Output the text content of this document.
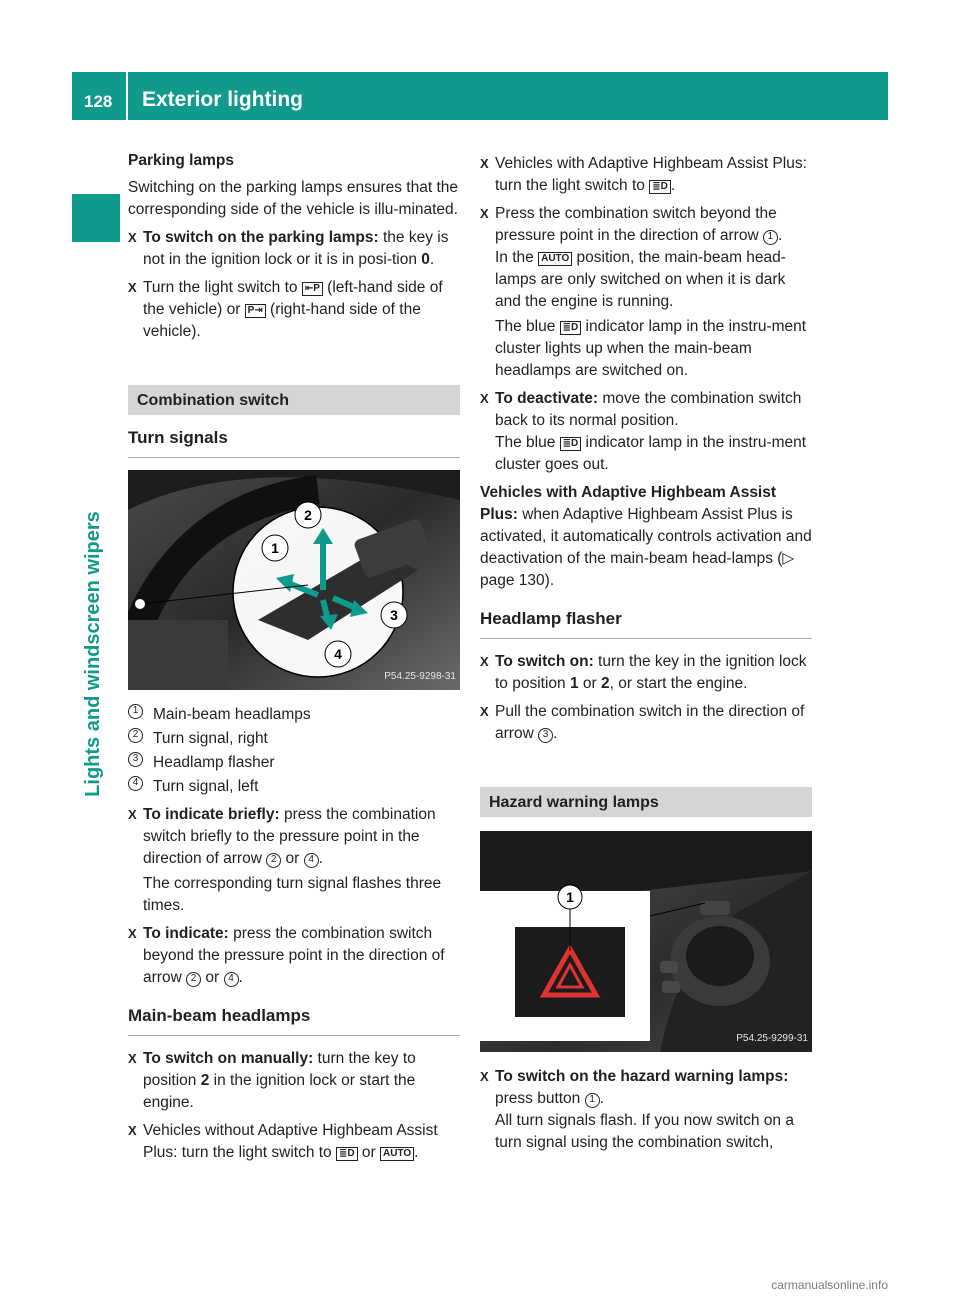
128 Exterior lighting
Lights and windscreen wipers

Parking lamps

Switching on the parking lamps ensures that the corresponding side of the vehicle is illu-minated.

X To switch on the parking lamps: the key is not in the ignition lock or it is in posi-tion 0.
X Turn the light switch to ⇤P (left-hand side of the vehicle) or P⇥ (right-hand side of the vehicle).
Combination switch
Turn signals
2
1
3
4
P54.25-9298-31
1 Main-beam headlamps
2 Turn signal, right
3 Headlamp flasher
4 Turn signal, left
X To indicate briefly: press the combination switch briefly to the pressure point in the direction of arrow 2 or 4 .

The corresponding turn signal flashes three times.

X To indicate: press the combination switch beyond the pressure point in the direction of arrow 2 or 4 .
Main-beam headlamps
X To switch on manually: turn the key to position 2 in the ignition lock or start the engine.
X Vehicles without Adaptive Highbeam Assist Plus: turn the light switch to ≣D or AUTO .
X Vehicles with Adaptive Highbeam Assist Plus: turn the light switch to ≣D .
X Press the combination switch beyond the pressure point in the direction of arrow 1 .

In the AUTO position, the main-beam head-lamps are only switched on when it is dark and the engine is running.

The blue ≣D indicator lamp in the instru-ment cluster lights up when the main-beam headlamps are switched on.

X To deactivate: move the combination switch back to its normal position.

The blue ≣D indicator lamp in the instru-ment cluster goes out.

Vehicles with Adaptive Highbeam Assist Plus: when Adaptive Highbeam Assist Plus is activated, it automatically controls activation and deactivation of the main-beam head-lamps (▷ page 130).

Headlamp flasher
X To switch on: turn the key in the ignition lock to position 1 or 2, or start the engine.
X Pull the combination switch in the direction of arrow 3 .
Hazard warning lamps
1
P54.25-9299-31
X To switch on the hazard warning lamps: press button 1 .

All turn signals flash. If you now switch on a turn signal using the combination switch,

carmanualsonline.info
